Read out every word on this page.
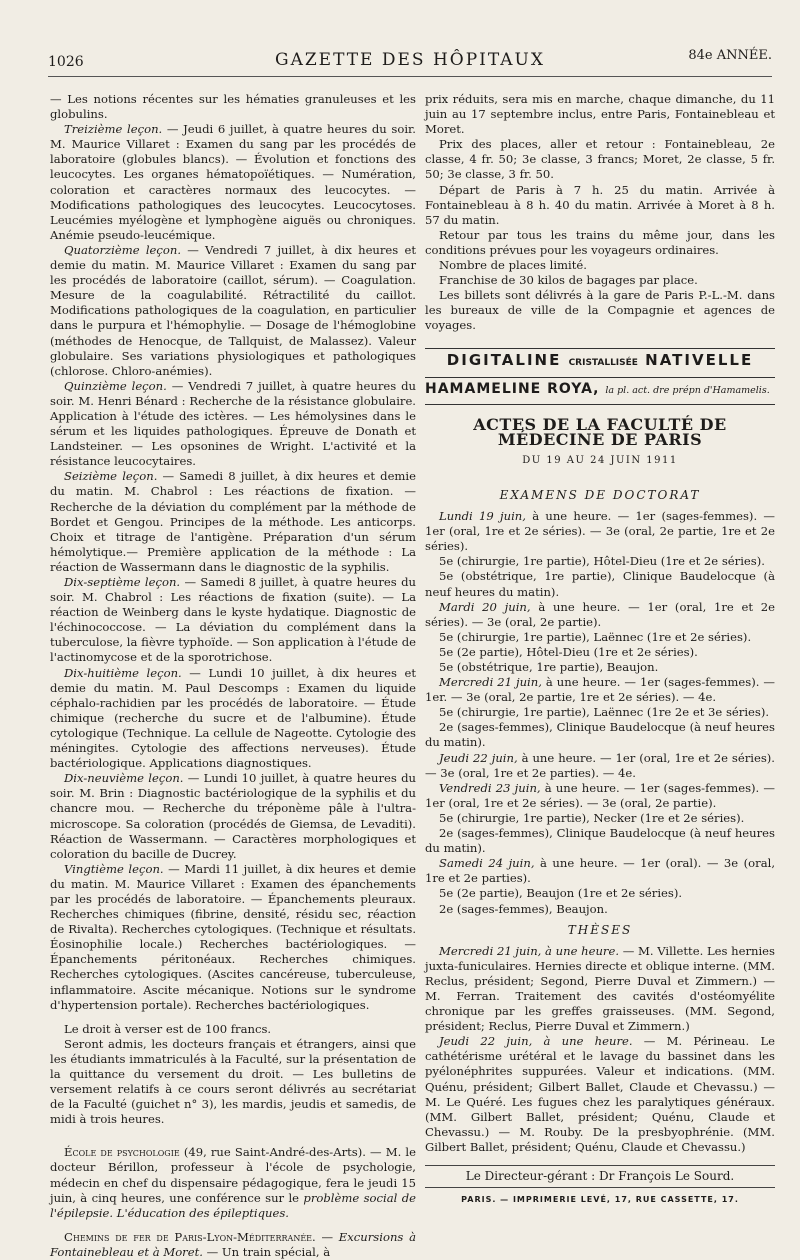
1026	GAZETTE DES HÔPITAUX	84e ANNÉE.

— Les notions récentes sur les hématies granuleuses et les globulins.

Treizième leçon. — Jeudi 6 juillet, à quatre heures du soir. M. Maurice Villaret : Examen du sang par les procédés de laboratoire (globules blancs). — Évolution et fonctions des leucocytes. Les organes hématopoïétiques. — Numération, coloration et caractères normaux des leucocytes. — Modifications pathologiques des leucocytes. Leucocytoses. Leucémies myélogène et lymphogène aiguës ou chroniques. Anémie pseudo-leucémique.

Quatorzième leçon. — Vendredi 7 juillet, à dix heures et demie du matin. M. Maurice Villaret : Examen du sang par les procédés de laboratoire (caillot, sérum). — Coagulation. Mesure de la coagulabilité. Rétractilité du caillot. Modifications pathologiques de la coagulation, en particulier dans le purpura et l'hémophylie. — Dosage de l'hémoglobine (méthodes de Henocque, de Tallquist, de Malassez). Valeur globulaire. Ses variations physiologiques et pathologiques (chlorose. Chloro-anémies).

Quinzième leçon. — Vendredi 7 juillet, à quatre heures du soir. M. Henri Bénard : Recherche de la résistance globulaire. Application à l'étude des ictères. — Les hémolysines dans le sérum et les liquides pathologiques. Épreuve de Donath et Landsteiner. — Les opsonines de Wright. L'activité et la résistance leucocytaires.

Seizième leçon. — Samedi 8 juillet, à dix heures et demie du matin. M. Chabrol : Les réactions de fixation. — Recherche de la déviation du complément par la méthode de Bordet et Gengou. Principes de la méthode. Les anticorps. Choix et titrage de l'antigène. Préparation d'un sérum hémolytique.— Première application de la méthode : La réaction de Wassermann dans le diagnostic de la syphilis.

Dix-septième leçon. — Samedi 8 juillet, à quatre heures du soir. M. Chabrol : Les réactions de fixation (suite). — La réaction de Weinberg dans le kyste hydatique. Diagnostic de l'échinococcose. — La déviation du complément dans la tuberculose, la fièvre typhoïde. — Son application à l'étude de l'actinomycose et de la sporotrichose.

Dix-huitième leçon. — Lundi 10 juillet, à dix heures et demie du matin. M. Paul Descomps : Examen du liquide céphalo-rachidien par les procédés de laboratoire. — Étude chimique (recherche du sucre et de l'albumine). Étude cytologique (Technique. La cellule de Nageotte. Cytologie des méningites. Cytologie des affections nerveuses). Étude bactériologique. Applications diagnostiques.

Dix-neuvième leçon. — Lundi 10 juillet, à quatre heures du soir. M. Brin : Diagnostic bactériologique de la syphilis et du chancre mou. — Recherche du tréponème pâle à l'ultra-microscope. Sa coloration (procédés de Giemsa, de Levaditi). Réaction de Wassermann. — Caractères morphologiques et coloration du bacille de Ducrey.

Vingtième leçon. — Mardi 11 juillet, à dix heures et demie du matin. M. Maurice Villaret : Examen des épanchements par les procédés de laboratoire. — Épanchements pleuraux. Recherches chimiques (fibrine, densité, résidu sec, réaction de Rivalta). Recherches cytologiques. (Technique et résultats. Éosinophilie locale.) Recherches bactériologiques. — Épanchements péritonéaux. Recherches chimiques. Recherches cytologiques. (Ascites cancéreuse, tuberculeuse, inflammatoire. Ascite mécanique. Notions sur le syndrome d'hypertension portale). Recherches bactériologiques.

Le droit à verser est de 100 francs.

Seront admis, les docteurs français et étrangers, ainsi que les étudiants immatriculés à la Faculté, sur la présentation de la quittance du versement du droit. — Les bulletins de versement relatifs à ce cours seront délivrés au secrétariat de la Faculté (guichet n° 3), les mardis, jeudis et samedis, de midi à trois heures.

École de psychologie (49, rue Saint-André-des-Arts). — M. le docteur Bérillon, professeur à l'école de psychologie, médecin en chef du dispensaire pédagogique, fera le jeudi 15 juin, à cinq heures, une conférence sur le problème social de l'épilepsie. L'éducation des épileptiques.

Chemins de fer de Paris-Lyon-Méditerranée. — Excursions à Fontainebleau et à Moret. — Un train spécial, à

prix réduits, sera mis en marche, chaque dimanche, du 11 juin au 17 septembre inclus, entre Paris, Fontainebleau et Moret.

Prix des places, aller et retour : Fontainebleau, 2e classe, 4 fr. 50; 3e classe, 3 francs; Moret, 2e classe, 5 fr. 50; 3e classe, 3 fr. 50.

Départ de Paris à 7 h. 25 du matin. Arrivée à Fontainebleau à 8 h. 40 du matin. Arrivée à Moret à 8 h. 57 du matin.

Retour par tous les trains du même jour, dans les conditions prévues pour les voyageurs ordinaires.

Nombre de places limité.

Franchise de 30 kilos de bagages par place.

Les billets sont délivrés à la gare de Paris P.-L.-M. dans les bureaux de ville de la Compagnie et agences de voyages.

DIGITALINE CRISTALLISÉE NATIVELLE
HAMAMELINE ROYA, la pl. act. dre prépn d'Hamamelis.
ACTES DE LA FACULTÉ DE MÉDECINE DE PARIS
DU 19 AU 24 JUIN 1911
EXAMENS DE DOCTORAT

Lundi 19 juin, à une heure. — 1er (sages-femmes). — 1er (oral, 1re et 2e séries). — 3e (oral, 2e partie, 1re et 2e séries).

5e (chirurgie, 1re partie), Hôtel-Dieu (1re et 2e séries).

5e (obstétrique, 1re partie), Clinique Baudelocque (à neuf heures du matin).

Mardi 20 juin, à une heure. — 1er (oral, 1re et 2e séries). — 3e (oral, 2e partie).

5e (chirurgie, 1re partie), Laënnec (1re et 2e séries).

5e (2e partie), Hôtel-Dieu (1re et 2e séries).

5e (obstétrique, 1re partie), Beaujon.

Mercredi 21 juin, à une heure. — 1er (sages-femmes). — 1er. — 3e (oral, 2e partie, 1re et 2e séries). — 4e.

5e (chirurgie, 1re partie), Laënnec (1re 2e et 3e séries).

2e (sages-femmes), Clinique Baudelocque (à neuf heures du matin).

Jeudi 22 juin, à une heure. — 1er (oral, 1re et 2e séries). — 3e (oral, 1re et 2e parties). — 4e.

Vendredi 23 juin, à une heure. — 1er (sages-femmes). — 1er (oral, 1re et 2e séries). — 3e (oral, 2e partie).

5e (chirurgie, 1re partie), Necker (1re et 2e séries).

2e (sages-femmes), Clinique Baudelocque (à neuf heures du matin).

Samedi 24 juin, à une heure. — 1er (oral). — 3e (oral, 1re et 2e parties).

5e (2e partie), Beaujon (1re et 2e séries).

2e (sages-femmes), Beaujon.

THÈSES

Mercredi 21 juin, à une heure. — M. Villette. Les hernies juxta-funiculaires. Hernies directe et oblique interne. (MM. Reclus, président; Segond, Pierre Duval et Zimmern.) — M. Ferran. Traitement des cavités d'ostéomyélite chronique par les greffes graisseuses. (MM. Segond, président; Reclus, Pierre Duval et Zimmern.)

Jeudi 22 juin, à une heure. — M. Périneau. Le cathétérisme urétéral et le lavage du bassinet dans les pyélonéphrites suppurées. Valeur et indications. (MM. Quénu, président; Gilbert Ballet, Claude et Chevassu.) — M. Le Quéré. Les fugues chez les paralytiques généraux. (MM. Gilbert Ballet, président; Quénu, Claude et Chevassu.) — M. Rouby. De la presbyophrénie. (MM. Gilbert Ballet, président; Quénu, Claude et Chevassu.)

Le Directeur-gérant : Dr François Le Sourd.
PARIS. — IMPRIMERIE LEVÉ, 17, RUE CASSETTE, 17.
